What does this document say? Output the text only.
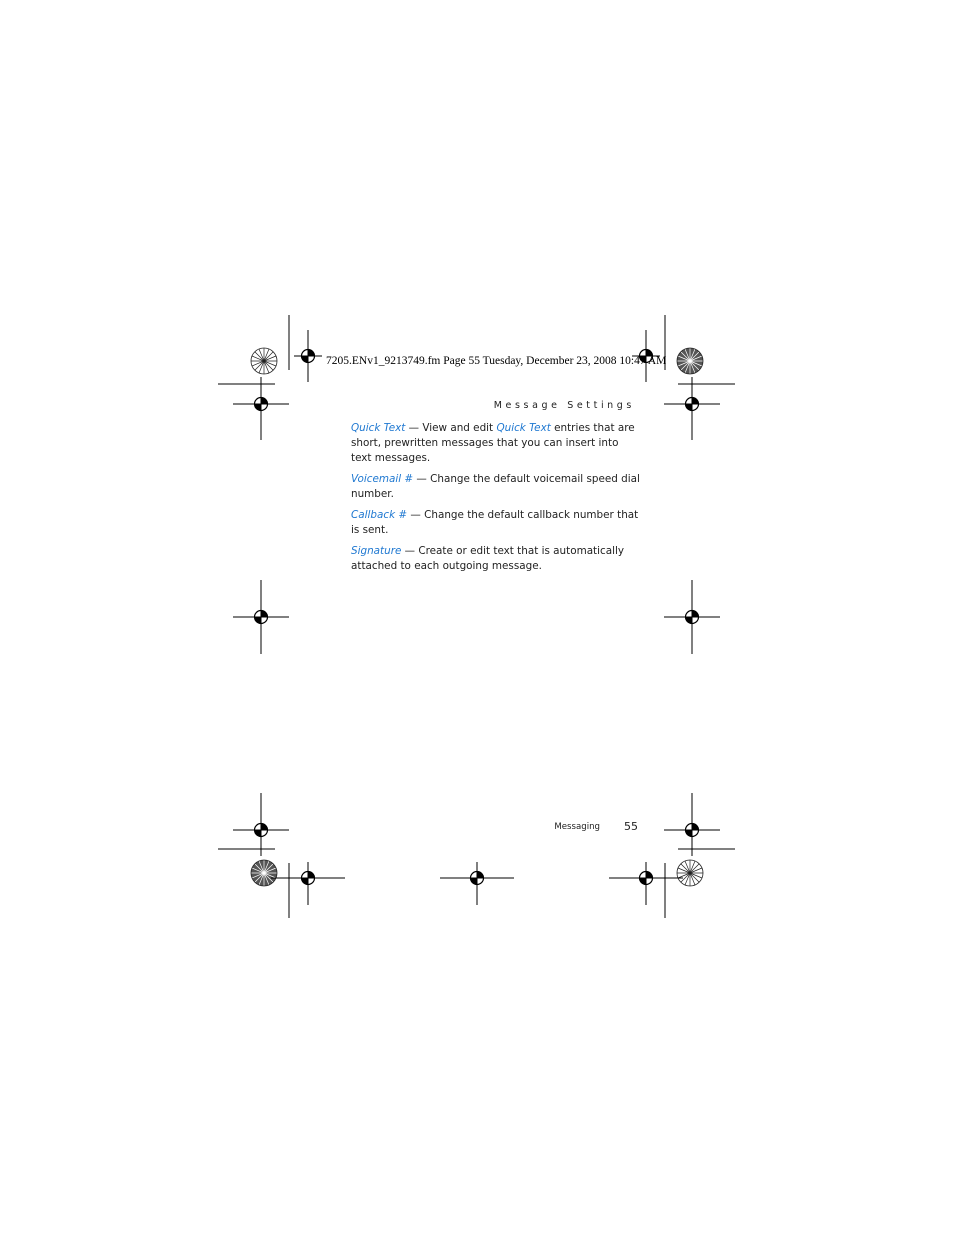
7205.ENv1_9213749.fm Page 55 Tuesday, December 23, 2008 10:47 AM
Message Settings

Quick Text — View and edit Quick Text entries that are short, prewritten messages that you can insert into text messages.

Voicemail # — Change the default voicemail speed dial number.

Callback # — Change the default callback number that is sent.

Signature — Create or edit text that is automatically attached to each outgoing message.

Messaging	55
